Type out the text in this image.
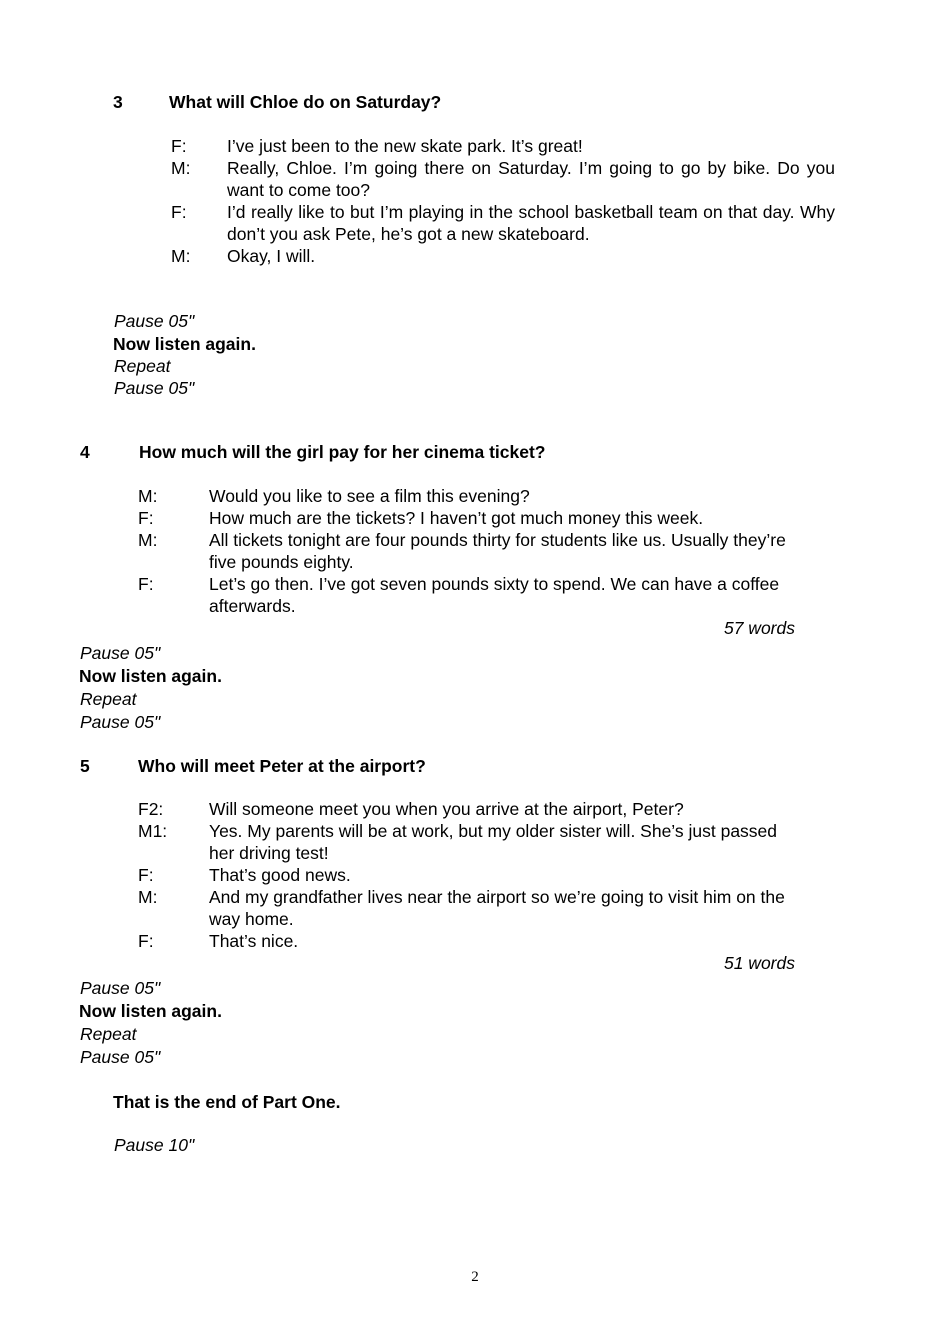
3	What will Chloe do on Saturday?
F: I’ve just been to the new skate park. It’s great!
M: Really, Chloe. I’m going there on Saturday. I’m going to go by bike. Do you want to come too?
F: I’d really like to but I’m playing in the school basketball team on that day. Why don’t you ask Pete, he’s got a new skateboard.
M: Okay, I will.
Pause 05"
Now listen again.
Repeat
Pause 05"
4	How much will the girl pay for her cinema ticket?
M:	Would you like to see a film this evening?
F:	How much are the tickets? I haven’t got much money this week.
M:	All tickets tonight are four pounds thirty for students like us. Usually they’re five pounds eighty.
F:	Let’s go then. I’ve got seven pounds sixty to spend. We can have a coffee afterwards.
57 words
Pause 05"
Now listen again.
Repeat
Pause 05"
5	Who will meet Peter at the airport?
F2:	Will someone meet you when you arrive at the airport, Peter?
M1: Yes. My parents will be at work, but my older sister will. She’s just passed her driving test!
F:	That’s good news.
M:	And my grandfather lives near the airport so we’re going to visit him on the way home.
F:	That’s nice.
51 words
Pause 05"
Now listen again.
Repeat
Pause 05"
That is the end of Part One.
Pause 10"
2
